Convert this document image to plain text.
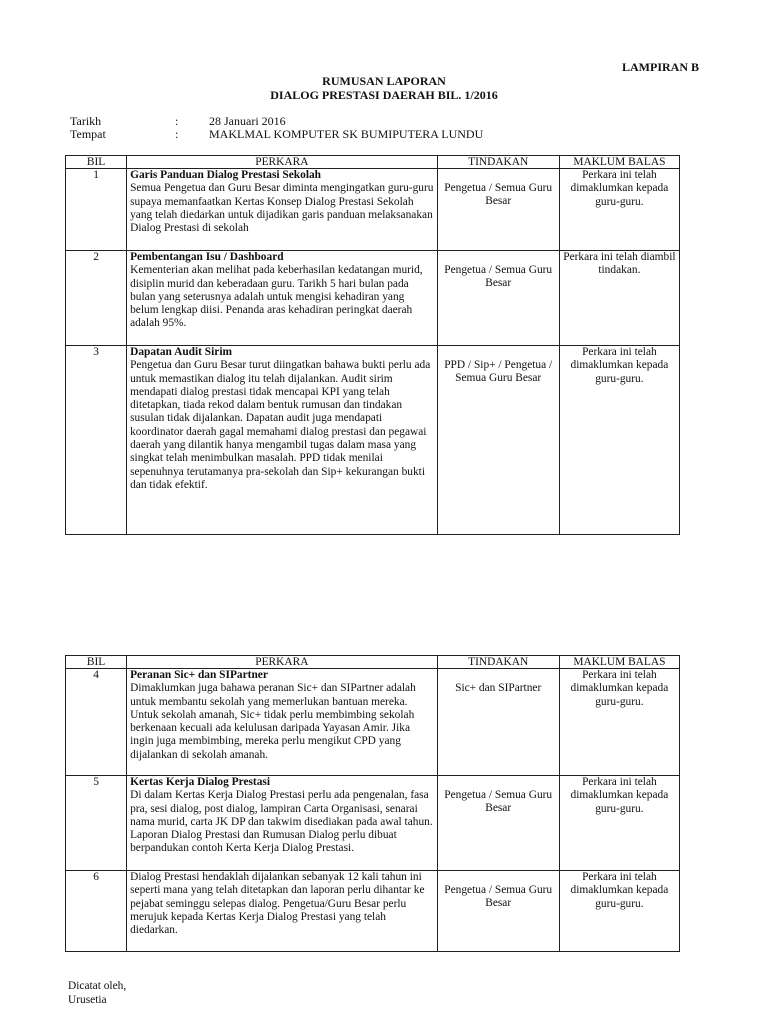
LAMPIRAN B
RUMUSAN LAPORAN
DIALOG PRESTASI DAERAH BIL. 1/2016
Tarikh	:	28 Januari 2016
Tempat	:	MAKLMAL KOMPUTER SK BUMIPUTERA LUNDU
BIL	PERKARA	TINDAKAN	MAKLUM BALAS
1	Garis Panduan Dialog Prestasi Sekolah
Semua Pengetua dan Guru Besar diminta mengingatkan guru-guru supaya memanfaatkan Kertas Konsep Dialog Prestasi Sekolah yang telah diedarkan untuk dijadikan garis panduan melaksanakan Dialog Prestasi di sekolah	Pengetua / Semua Guru Besar	Perkara ini telah dimaklumkan kepada guru-guru.
2	Pembentangan Isu / Dashboard
Kementerian akan melihat pada keberhasilan kedatangan murid, disiplin murid dan keberadaan guru. Tarikh 5 hari bulan pada bulan yang seterusnya adalah untuk mengisi kehadiran yang belum lengkap diisi. Penanda aras kehadiran peringkat daerah adalah 95%.	Pengetua / Semua Guru Besar	Perkara ini telah diambil tindakan.
3	Dapatan Audit Sirim
Pengetua dan Guru Besar turut diingatkan bahawa bukti perlu ada untuk memastikan dialog itu telah dijalankan. Audit sirim mendapati dialog prestasi tidak mencapai KPI yang telah ditetapkan, tiada rekod dalam bentuk rumusan dan tindakan susulan tidak dijalankan. Dapatan audit juga mendapati koordinator daerah gagal memahami dialog prestasi dan pegawai daerah yang dilantik hanya mengambil tugas dalam masa yang singkat telah menimbulkan masalah. PPD tidak menilai sepenuhnya terutamanya pra-sekolah dan Sip+ kekurangan bukti dan tidak efektif.	PPD / Sip+ / Pengetua / Semua Guru Besar	Perkara ini telah dimaklumkan kepada guru-guru.
BIL	PERKARA	TINDAKAN	MAKLUM BALAS
4	Peranan Sic+ dan SIPartner
Dimaklumkan juga bahawa peranan Sic+ dan SIPartner adalah untuk membantu sekolah yang memerlukan bantuan mereka. Untuk sekolah amanah, Sic+ tidak perlu membimbing sekolah berkenaan kecuali ada kelulusan daripada Yayasan Amir. Jika ingin juga membimbing, mereka perlu mengikut CPD yang dijalankan di sekolah amanah.	Sic+ dan SIPartner	Perkara ini telah dimaklumkan kepada guru-guru.
5	Kertas Kerja Dialog Prestasi
Di dalam Kertas Kerja Dialog Prestasi perlu ada pengenalan, fasa pra, sesi dialog, post dialog, lampiran Carta Organisasi, senarai nama murid, carta JK DP dan takwim disediakan pada awal tahun. Laporan Dialog Prestasi dan Rumusan Dialog perlu dibuat berpandukan contoh Kerta Kerja Dialog Prestasi.	Pengetua / Semua Guru Besar	Perkara ini telah dimaklumkan kepada guru-guru.
6	Dialog Prestasi hendaklah dijalankan sebanyak 12 kali tahun ini seperti mana yang telah ditetapkan dan laporan perlu dihantar ke pejabat seminggu selepas dialog. Pengetua/Guru Besar perlu merujuk kepada Kertas Kerja Dialog Prestasi yang telah diedarkan.	Pengetua / Semua Guru Besar	Perkara ini telah dimaklumkan kepada guru-guru.
Dicatat oleh,
Urusetia
